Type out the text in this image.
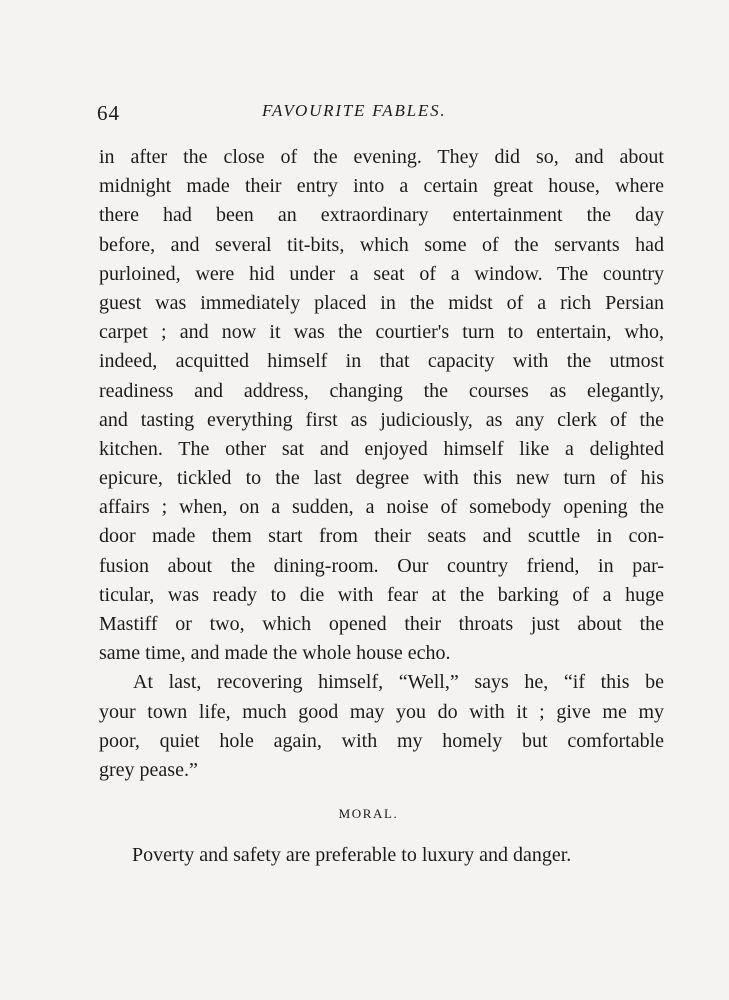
64	FAVOURITE FABLES.
in after the close of the evening. They did so, and about
midnight made their entry into a certain great house, where
there had been an extraordinary entertainment the day
before, and several tit-bits, which some of the servants had
purloined, were hid under a seat of a window. The country
guest was immediately placed in the midst of a rich Persian
carpet ; and now it was the courtier's turn to entertain, who,
indeed, acquitted himself in that capacity with the utmost
readiness and address, changing the courses as elegantly,
and tasting everything first as judiciously, as any clerk of the
kitchen. The other sat and enjoyed himself like a delighted
epicure, tickled to the last degree with this new turn of his
affairs ; when, on a sudden, a noise of somebody opening the
door made them start from their seats and scuttle in con-
fusion about the dining-room. Our country friend, in par-
ticular, was ready to die with fear at the barking of a huge
Mastiff or two, which opened their throats just about the
same time, and made the whole house echo.
At last, recovering himself, “Well,” says he, “if this be
your town life, much good may you do with it ; give me my
poor, quiet hole again, with my homely but comfortable
grey pease.”
MORAL.
Poverty and safety are preferable to luxury and danger.
